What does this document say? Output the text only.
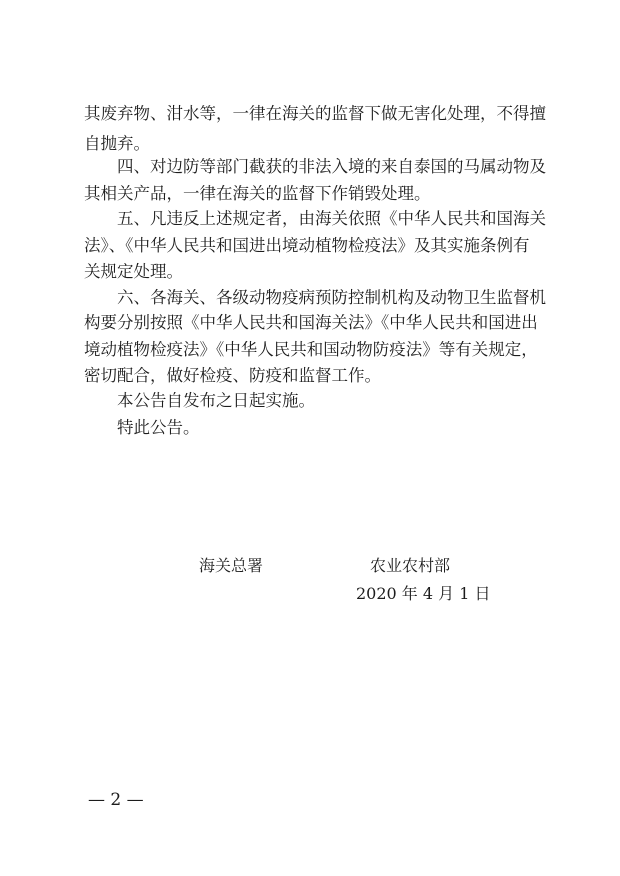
其废弃物、泔水等，一律在海关的监督下做无害化处理，不得擅
自抛弃。
四、对边防等部门截获的非法入境的来自泰国的马属动物及
其相关产品，一律在海关的监督下作销毁处理。
五、凡违反上述规定者，由海关依照《中华人民共和国海关
法》、《中华人民共和国进出境动植物检疫法》及其实施条例有
关规定处理。
六、各海关、各级动物疫病预防控制机构及动物卫生监督机
构要分别按照《中华人民共和国海关法》《中华人民共和国进出
境动植物检疫法》《中华人民共和国动物防疫法》等有关规定，
密切配合，做好检疫、防疫和监督工作。
本公告自发布之日起实施。
特此公告。
海关总署	农业农村部
2020 年 4 月 1 日
— 2 —
